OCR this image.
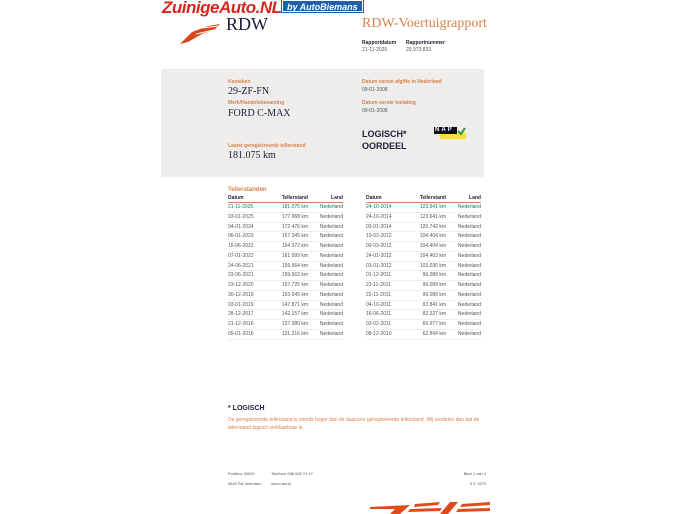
ZuinigeAuto.NL by AutoBiemans
RDW	RDW-Voertuigrapport
Rapportdatum
21-11-2025
Rapportnummer
29.973.833
Kenteken
29-ZF-FN
Merk/Handelsbenaming
FORD C-MAX
Laatst geregistreerde tellerstand
181.075 km
Datum eerste afgifte in Nederland
09-01-2008
Datum eerste toelating
09-01-2008
LOGISCH*
OORDEEL
NAP
Tellerstanden
Datum	Tellerstand	Land
21-11-2025	181.075 km	Nederland
03-01-2025	177.968 km	Nederland
04-01-2024	172.476 km	Nederland
06-01-2023	167.345 km	Nederland
16-06-2022	164.372 km	Nederland
07-01-2022	161.999 km	Nederland
24-06-2021	159.564 km	Nederland
23-06-2021	159.563 km	Nederland
23-12-2020	157.725 km	Nederland
30-12-2019	153.545 km	Nederland
03-01-2019	147.871 km	Nederland
28-12-2017	142.157 km	Nederland
21-12-2016	137.380 km	Nederland
05-01-2016	131.316 km	Nederland
Datum	Tellerstand	Land
24-10-2014	123.641 km	Nederland
24-10-2014	123.641 km	Nederland
02-01-2014	120.742 km	Nederland
10-03-2012	104.404 km	Nederland
09-03-2012	104.404 km	Nederland
24-01-2012	104.403 km	Nederland
03-01-2012	103.030 km	Nederland
01-12-2011	99.089 km	Nederland
23-11-2011	99.089 km	Nederland
22-11-2011	99.089 km	Nederland
04-10-2011	93.841 km	Nederland
16-06-2011	82.327 km	Nederland
03-02-2011	69.977 km	Nederland
08-12-2010	62.894 km	Nederland
* LOGISCH
De geregistreerde tellerstand is steeds hoger dan de daarvoor geregistreerde tellerstand. Wij oordelen dan dat de tellerstand logisch verklaarbaar is.
Postbus 30000
9640 RA Veendam
Telefoon 088 008 74 47
www.rdw.nl
Blad 1 van 4
3 E 1679
